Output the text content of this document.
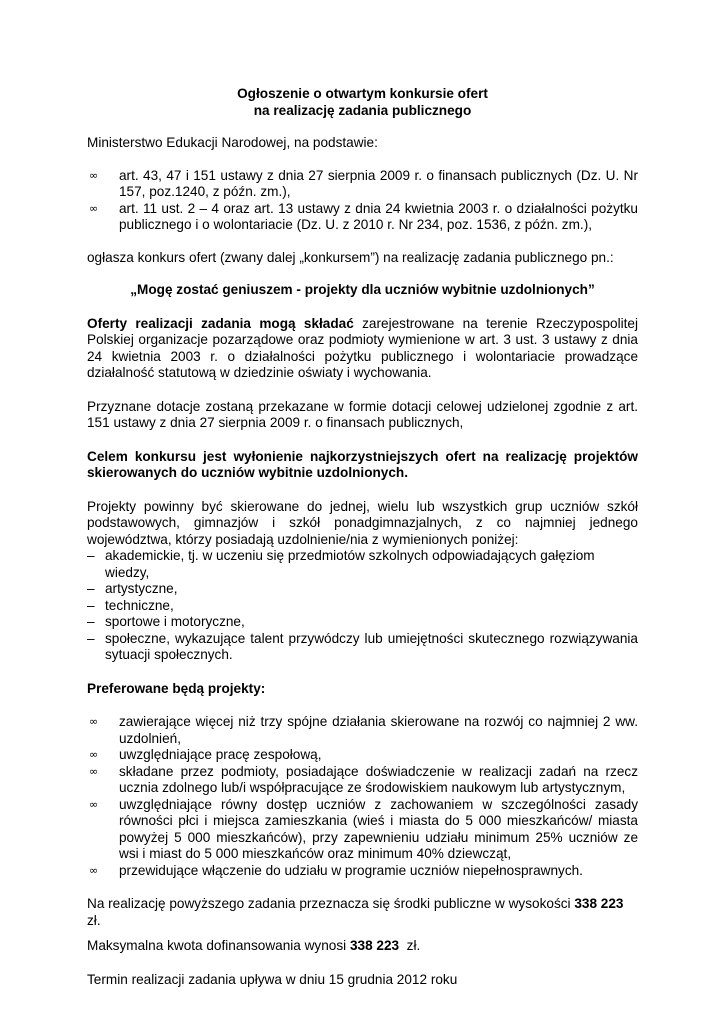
Ogłoszenie o otwartym konkursie ofert
na realizację zadania publicznego

Ministerstwo Edukacji Narodowej, na podstawie:

∞ art. 43, 47 i 151 ustawy z dnia 27 sierpnia 2009 r. o finansach publicznych (Dz. U. Nr 157, poz.1240, z późn. zm.),
∞ art. 11 ust. 2 – 4 oraz art. 13 ustawy z dnia 24 kwietnia 2003 r. o działalności pożytku publicznego i o wolontariacie (Dz. U. z 2010 r. Nr 234, poz. 1536, z późn. zm.),

ogłasza konkurs ofert (zwany dalej „konkursem”) na realizację zadania publicznego pn.:

„Mogę zostać geniuszem - projekty dla uczniów wybitnie uzdolnionych”

Oferty realizacji zadania mogą składać zarejestrowane na terenie Rzeczypospolitej Polskiej organizacje pozarządowe oraz podmioty wymienione w art. 3 ust. 3 ustawy z dnia 24 kwietnia 2003 r. o działalności pożytku publicznego i wolontariacie prowadzące działalność statutową w dziedzinie oświaty i wychowania.

Przyznane dotacje zostaną przekazane w formie dotacji celowej udzielonej zgodnie z art. 151 ustawy z dnia 27 sierpnia 2009 r. o finansach publicznych,

Celem konkursu jest wyłonienie najkorzystniejszych ofert na realizację projektów skierowanych do uczniów wybitnie uzdolnionych.

Projekty powinny być skierowane do jednej, wielu lub wszystkich grup uczniów szkół podstawowych, gimnazjów i szkół ponadgimnazjalnych, z co najmniej jednego województwa, którzy posiadają uzdolnienie/nia z wymienionych poniżej:

– akademickie, tj. w uczeniu się przedmiotów szkolnych odpowiadających gałęziom wiedzy,
– artystyczne,
– techniczne,
– sportowe i motoryczne,
– społeczne, wykazujące talent przywódczy lub umiejętności skutecznego rozwiązywania sytuacji społecznych.

Preferowane będą projekty:

∞ zawierające więcej niż trzy spójne działania skierowane na rozwój co najmniej 2 ww. uzdolnień,
∞ uwzględniające pracę zespołową,
∞ składane przez podmioty, posiadające doświadczenie w realizacji zadań na rzecz ucznia zdolnego lub/i współpracujące ze środowiskiem naukowym lub artystycznym,
∞ uwzględniające równy dostęp uczniów z zachowaniem w szczególności zasady równości płci i miejsca zamieszkania (wieś i miasta do 5 000 mieszkańców/ miasta powyżej 5 000 mieszkańców), przy zapewnieniu udziału minimum 25% uczniów ze wsi i miast do 5 000 mieszkańców oraz minimum 40% dziewcząt,
∞ przewidujące włączenie do udziału w programie uczniów niepełnosprawnych.

Na realizację powyższego zadania przeznacza się środki publiczne w wysokości 338 223 zł.

Maksymalna kwota dofinansowania wynosi 338 223  zł.

Termin realizacji zadania upływa w dniu 15 grudnia 2012 roku
